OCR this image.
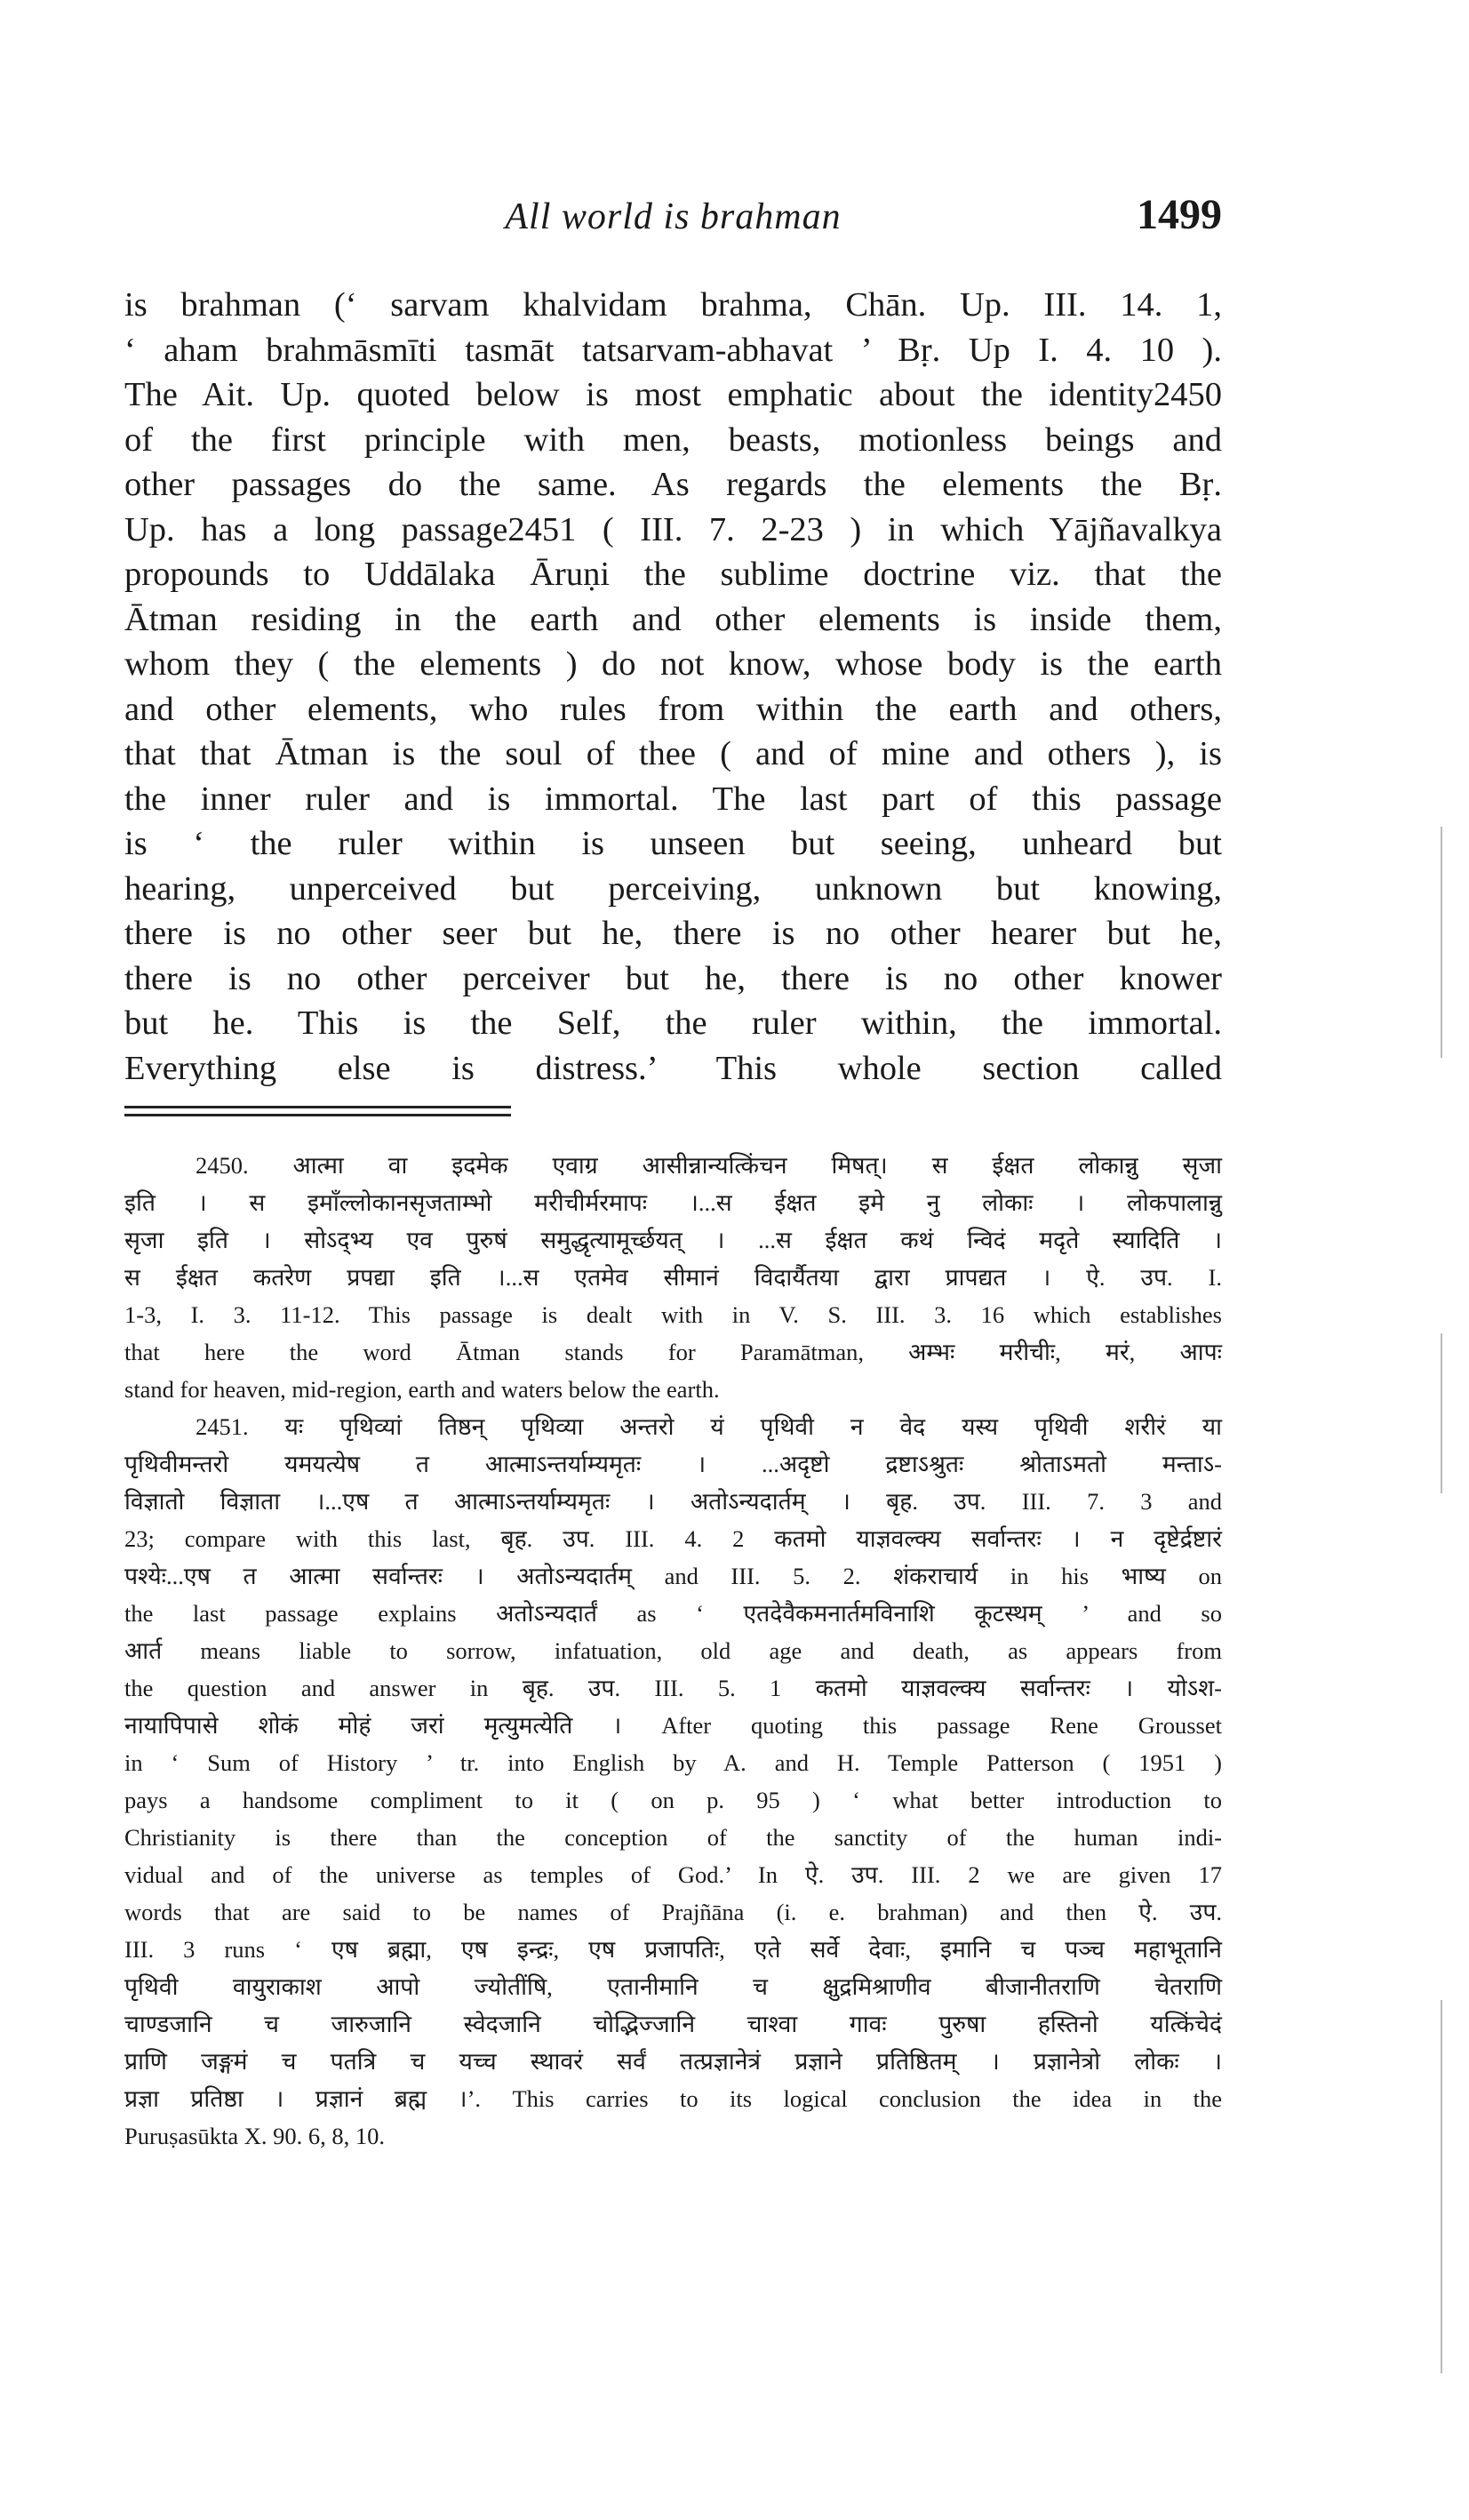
All world is brahman	1499
is brahman (‘ sarvam khalvidam brahma, Chān. Up. III. 14. 1,
‘ aham brahmāsmīti tasmāt tatsarvam-abhavat ’ Bṛ. Up I. 4. 10 ).
The Ait. Up. quoted below is most emphatic about the identity2450
of the first principle with men, beasts, motionless beings and
other passages do the same. As regards the elements the Bṛ.
Up. has a long passage2451 ( III. 7. 2-23 ) in which Yājñavalkya
propounds to Uddālaka Āruṇi the sublime doctrine viz. that the
Ātman residing in the earth and other elements is inside them,
whom they ( the elements ) do not know, whose body is the earth
and other elements, who rules from within the earth and others,
that that Ātman is the soul of thee ( and of mine and others ), is
the inner ruler and is immortal. The last part of this passage
is ‘ the ruler within is unseen but seeing, unheard but
hearing, unperceived but perceiving, unknown but knowing,
there is no other seer but he, there is no other hearer but he,
there is no other perceiver but he, there is no other knower
but he. This is the Self, the ruler within, the immortal.
Everything else is distress.’ This whole section called
2450. आत्मा वा इदमेक एवाग्र आसीन्नान्यत्किंचन मिषत्। स ईक्षत लोकान्नु सृजा
इति । स इमाँल्लोकानसृजताम्भो मरीचीर्मरमापः ।...स ईक्षत इमे नु लोकाः । लोकपालान्नु
सृजा इति । सोऽद्भ्य एव पुरुषं समुद्धृत्यामूर्च्छयत् । ...स ईक्षत कथं न्विदं मदृते स्यादिति ।
स ईक्षत कतरेण प्रपद्या इति ।...स एतमेव सीमानं विदार्यैतया द्वारा प्रापद्यत । ऐ. उप. I.
1-3, I. 3. 11-12. This passage is dealt with in V. S. III. 3. 16 which establishes
that here the word Ātman stands for Paramātman, अम्भः मरीचीः, मरं, आपः
stand for heaven, mid-region, earth and waters below the earth.
2451. यः पृथिव्यां तिष्ठन् पृथिव्या अन्तरो यं पृथिवी न वेद यस्य पृथिवी शरीरं या
पृथिवीमन्तरो यमयत्येष त आत्माऽन्तर्याम्यमृतः । ...अदृष्टो द्रष्टाऽश्रुतः श्रोताऽमतो मन्ताऽ-
विज्ञातो विज्ञाता ।...एष त आत्माऽन्तर्याम्यमृतः । अतोऽन्यदार्तम् । बृह. उप. III. 7. 3 and
23; compare with this last, बृह. उप. III. 4. 2 कतमो याज्ञवल्क्य सर्वान्तरः । न दृष्टेर्द्रष्टारं
पश्येः...एष त आत्मा सर्वान्तरः । अतोऽन्यदार्तम् and III. 5. 2. शंकराचार्य in his भाष्य on
the last passage explains अतोऽन्यदार्तं as ‘ एतदेवैकमनार्तमविनाशि कूटस्थम् ’ and so
आर्त means liable to sorrow, infatuation, old age and death, as appears from
the question and answer in बृह. उप. III. 5. 1 कतमो याज्ञवल्क्य सर्वान्तरः । योऽश-
नायापिपासे शोकं मोहं जरां मृत्युमत्येति । After quoting this passage Rene Grousset
in ‘ Sum of History ’ tr. into English by A. and H. Temple Patterson ( 1951 )
pays a handsome compliment to it ( on p. 95 ) ‘ what better introduction to
Christianity is there than the conception of the sanctity of the human indi-
vidual and of the universe as temples of God.’ In ऐ. उप. III. 2 we are given 17
words that are said to be names of Prajñāna (i. e. brahman) and then ऐ. उप.
III. 3 runs ‘ एष ब्रह्मा, एष इन्द्रः, एष प्रजापतिः, एते सर्वे देवाः, इमानि च पञ्च महाभूतानि
पृथिवी वायुराकाश आपो ज्योतींषि, एतानीमानि च क्षुद्रमिश्राणीव बीजानीतराणि चेतराणि
चाण्डजानि च जारुजानि स्वेदजानि चोद्भिज्जानि चाश्वा गावः पुरुषा हस्तिनो यत्किंचेदं
प्राणि जङ्गमं च पतत्रि च यच्च स्थावरं सर्वं तत्प्रज्ञानेत्रं प्रज्ञाने प्रतिष्ठितम् । प्रज्ञानेत्रो लोकः ।
प्रज्ञा प्रतिष्ठा । प्रज्ञानं ब्रह्म ।’. This carries to its logical conclusion the idea in the
Puruṣasūkta X. 90. 6, 8, 10.
